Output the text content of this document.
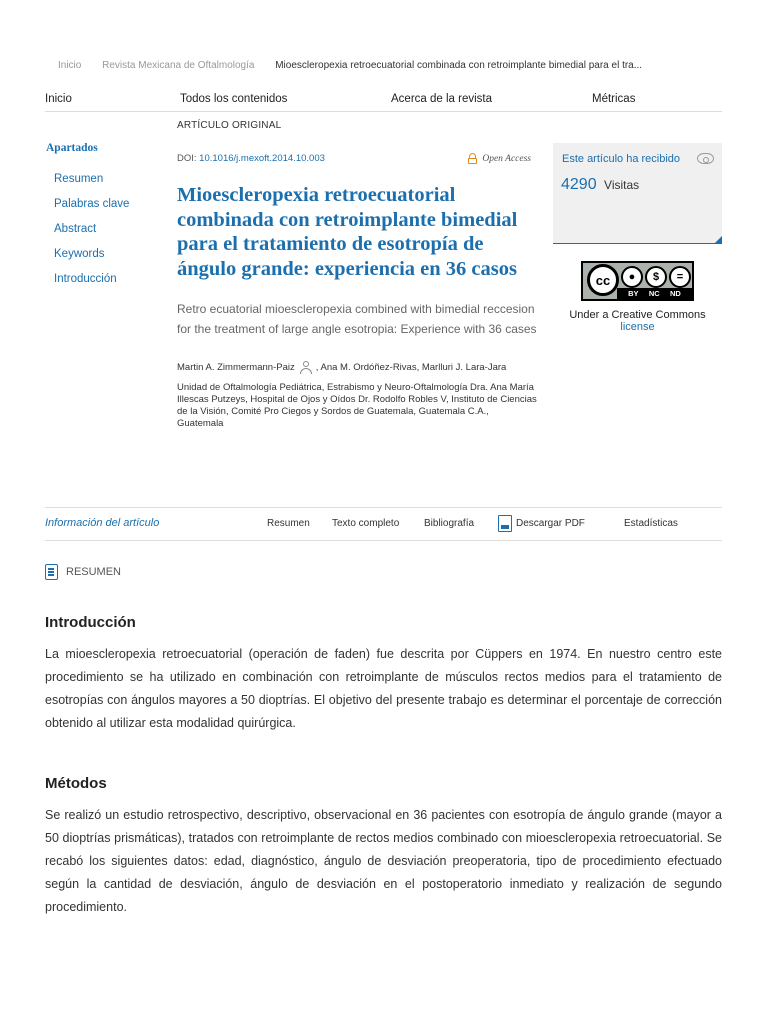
Inicio Revista Mexicana de Oftalmología Mioescleropexia retroecuatorial combinada con retroimplante bimedial para el tra...
Inicio	Todos los contenidos	Acerca de la revista	Métricas
Apartados
Resumen
Palabras clave
Abstract
Keywords
Introducción
ARTÍCULO ORIGINAL
DOI: 10.1016/j.mexoft.2014.10.003	Open Access
Mioescleropexia retroecuatorial combinada con retroimplante bimedial para el tratamiento de esotropía de ángulo grande: experiencia en 36 casos
Retro ecuatorial mioescleropexia combined with bimedial reccesion for the treatment of large angle esotropia: Experience with 36 cases
Martin A. Zimmermann-Paiz , Ana M. Ordóñez-Rivas, Marlluri J. Lara-Jara
Unidad de Oftalmología Pediátrica, Estrabismo y Neuro-Oftalmología Dra. Ana María Illescas Putzeys, Hospital de Ojos y Oídos Dr. Rodolfo Robles V, Instituto de Ciencias de la Visión, Comité Pro Ciegos y Sordos de Guatemala, Guatemala C.A., Guatemala
Este artículo ha recibido
4290 Visitas
cc	●	$	=
BY NC ND
Under a Creative Commons
license
Información del artículo	Resumen Texto completo Bibliografía	Descargar PDF	Estadísticas
RESUMEN
Introducción

La mioescleropexia retroecuatorial (operación de faden) fue descrita por Cüppers en 1974. En nuestro centro este procedimiento se ha utilizado en combinación con retroimplante de músculos rectos medios para el tratamiento de esotropías con ángulos mayores a 50 dioptrías. El objetivo del presente trabajo es determinar el porcentaje de corrección obtenido al utilizar esta modalidad quirúrgica.

Métodos

Se realizó un estudio retrospectivo, descriptivo, observacional en 36 pacientes con esotropía de ángulo grande (mayor a 50 dioptrías prismáticas), tratados con retroimplante de rectos medios combinado con mioescleropexia retroecuatorial. Se recabó los siguientes datos: edad, diagnóstico, ángulo de desviación preoperatoria, tipo de procedimiento efectuado según la cantidad de desviación, ángulo de desviación en el postoperatorio inmediato y realización de segundo procedimiento.
